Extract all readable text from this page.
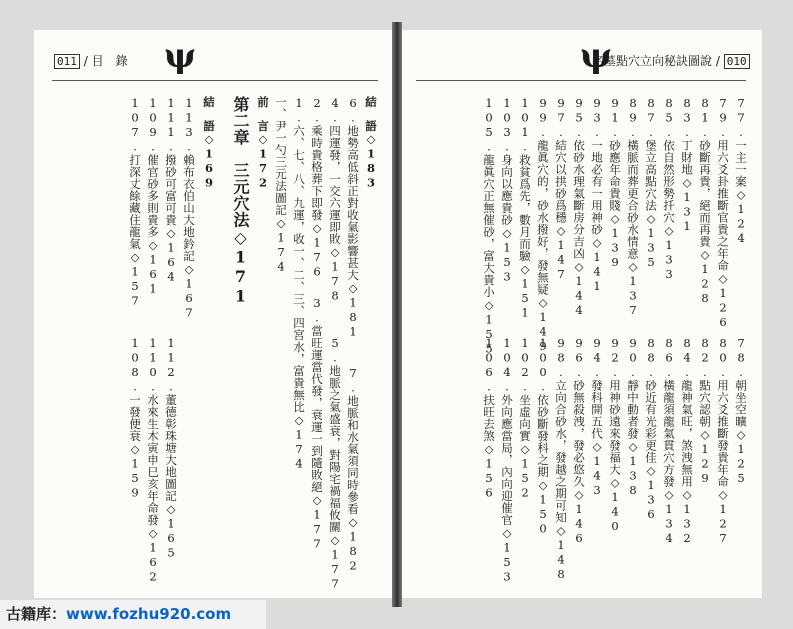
011 / 目　錄 ψ
結　語◇183
6.地勢高低斜正對收氣影響甚大◇181
7.地脈和水氣須同時參看◇182
4.四運發，一交六運即敗◇178
5.地脈之氣盛衰，對陽宅禍福攸關◇177
2.乘時貴格葬下即發◇176
3.當旺運當代發，衰運一到隨敗絕◇177
1.六、七、八、九運，收一、二、三、四宮水，富貴無比◇174
一、尹一勺三元法圖記◇174
前　言◇172
第二章　三元穴法◇171
結　語◇169
113.賴布衣伯山大地鈐記◇167
111.撥砂可富可貴◇164
112.董德彰珠塘大地圖記◇165
109.催官砂多則貴多◇161
110.水來生木寅申巳亥年命發◇162
107.打深丈餘藏住龍氣◇157
108.一發便衰◇159
ψ
名墓點穴立向秘訣圖說 / 010
77.一主一案◇124
78.朝坐空曠◇125
79.用六爻卦推斷官貴之年命◇126
80.用六爻推斷發貴年命◇127
81.砂斷再貴，絕而再貴◇128
82.點穴認朝◇129
83.丁財地◇131
84.龍神氣旺，煞洩無用◇132
85.依自然形勢扦穴◇133
86.橫龍須龍氣貫穴方發◇134
87.堡立高點穴法◇135
88.砂近有光彩更佳◇136
89.橫脈而葬更合砂水情意◇137
90.靜中動者發◇138
91.砂應年命貴賤◇139
92.用神砂遠來發福大◇140
93.一地必有一用神砂◇141
94.發科開五代◇143
95.依砂水理氣斷房分吉凶◇144
96.砂無殺洩，發必悠久◇146
97.結穴以拱砂爲穩◇147
98.立向合砂水，發越之期可知◇148
99.龍眞穴的，砂水撥好，發無疑◇149
100.依砂斷發科之期◇150
101.救貧爲先，數月而驗◇151
102.坐虛向實◇152
103.身向以應貴砂◇153
104.外向應當局，內向迎催官◇153
105.龍眞穴正無催砂，富大貴小◇155
106.扶旺去煞◇156
古籍库：www.fozhu920.com
